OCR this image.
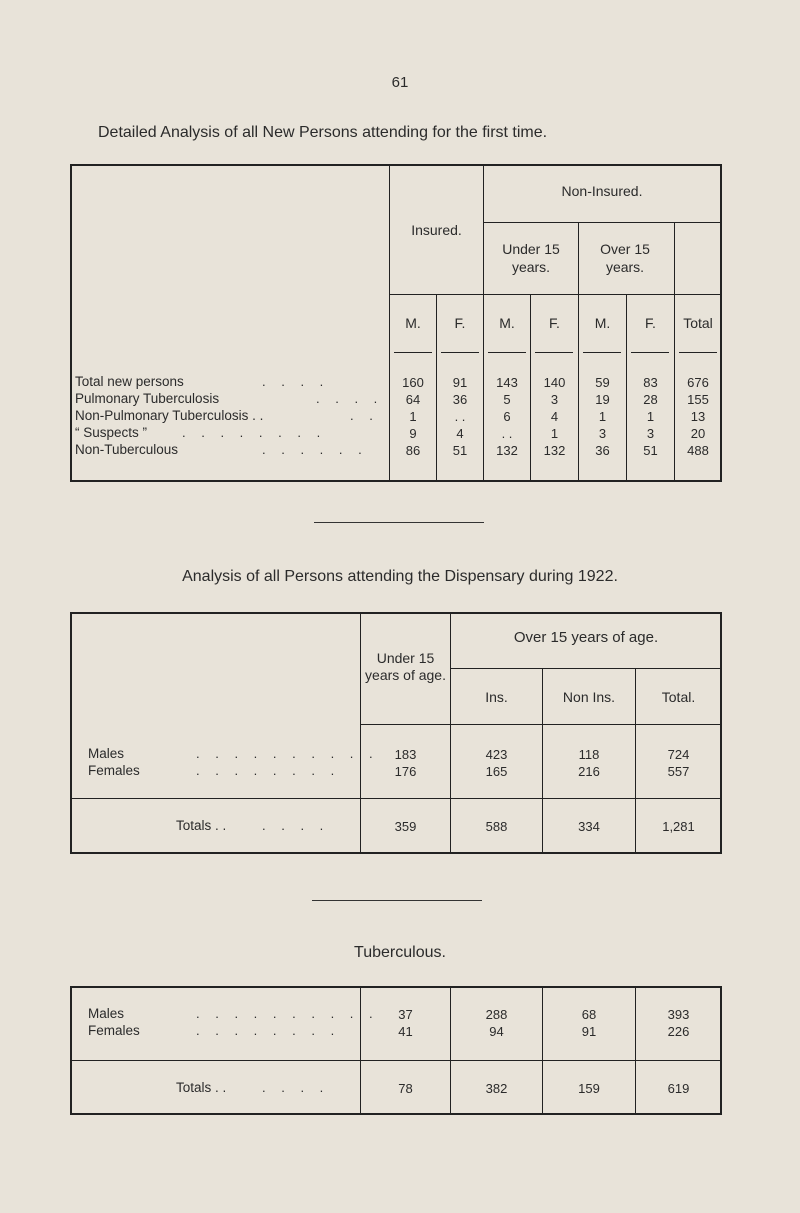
61
Detailed Analysis of all New Persons attending for the first time.
Insured.
Non-Insured.
Under 15 years.
Over 15 years.
M.	F.	M.	F.	M.	F.	Total
Total new persons	. . . .	160	91	143	140	59	83	676
Pulmonary Tuberculosis	. . . .	64	36	5	3	19	28	155
Non-Pulmonary Tuberculosis . .	. .	1	. .	6	4	1	1	13
“ Suspects ”	. . . . . . . .	9	4	. .	1	3	3	20
Non-Tuberculous	. . . . . .	86	51	132	132	36	51	488
Analysis of all Persons attending the Dispensary during 1922.
Under 15 years of age.
Over 15 years of age.
Ins.	Non Ins.	Total.
Males	. . . . . . . . . .	183	423	118	724
Females	. . . . . . . .	176	165	216	557
Totals . .	. . . .	359	588	334	1,281
Tuberculous.
Males	. . . . . . . . . .	37	288	68	393
Females	. . . . . . . .	41	94	91	226
Totals . .	. . . .	78	382	159	619
